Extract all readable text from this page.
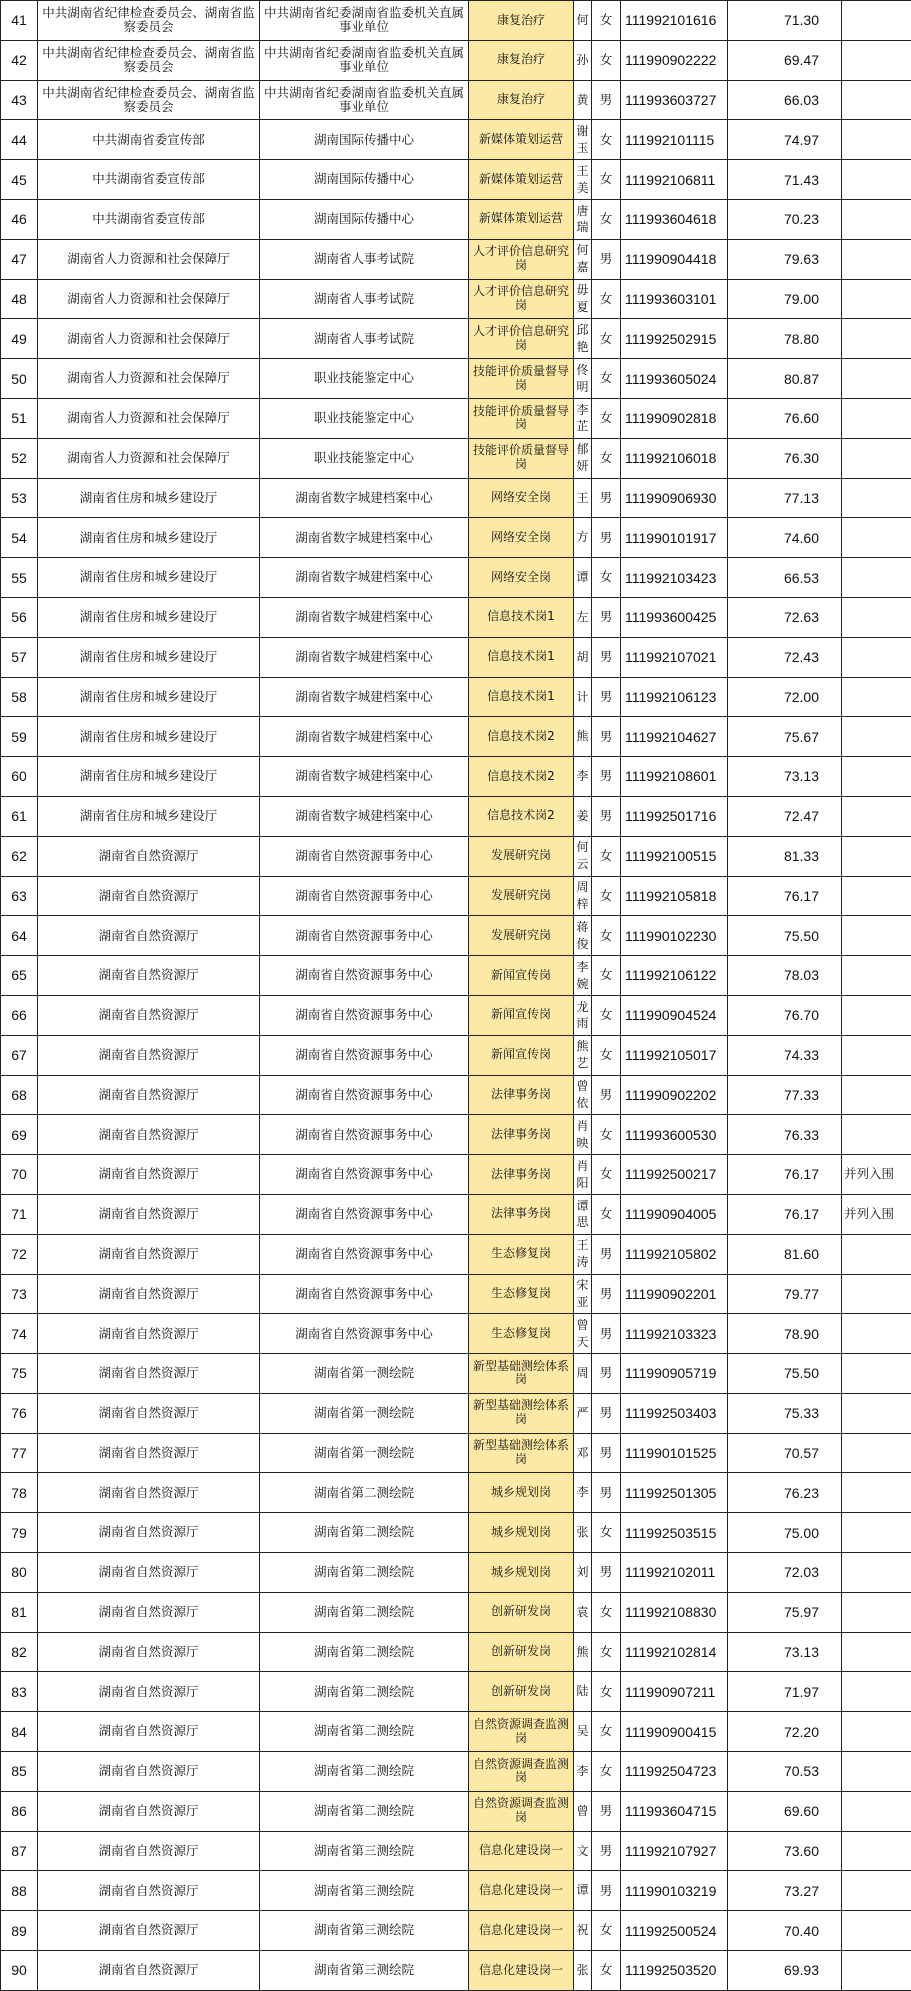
41	中共湖南省纪律检查委员会、湖南省监察委员会	中共湖南省纪委湖南省监委机关直属事业单位	康复治疗	何	女	111992101616	71.30	
42	中共湖南省纪律检查委员会、湖南省监察委员会	中共湖南省纪委湖南省监委机关直属事业单位	康复治疗	孙	女	111990902222	69.47	
43	中共湖南省纪律检查委员会、湖南省监察委员会	中共湖南省纪委湖南省监委机关直属事业单位	康复治疗	黄	男	111993603727	66.03	
44	中共湖南省委宣传部	湖南国际传播中心	新媒体策划运营	谢玉	女	111992101115	74.97	
45	中共湖南省委宣传部	湖南国际传播中心	新媒体策划运营	王美	女	111992106811	71.43	
46	中共湖南省委宣传部	湖南国际传播中心	新媒体策划运营	唐瑞	女	111993604618	70.23	
47	湖南省人力资源和社会保障厅	湖南省人事考试院	人才评价信息研究岗	何嘉	男	111990904418	79.63	
48	湖南省人力资源和社会保障厅	湖南省人事考试院	人才评价信息研究岗	毋夏	女	111993603101	79.00	
49	湖南省人力资源和社会保障厅	湖南省人事考试院	人才评价信息研究岗	邱艳	女	111992502915	78.80	
50	湖南省人力资源和社会保障厅	职业技能鉴定中心	技能评价质量督导岗	佟明	女	111993605024	80.87	
51	湖南省人力资源和社会保障厅	职业技能鉴定中心	技能评价质量督导岗	李芷	女	111990902818	76.60	
52	湖南省人力资源和社会保障厅	职业技能鉴定中心	技能评价质量督导岗	郁妍	女	111992106018	76.30	
53	湖南省住房和城乡建设厅	湖南省数字城建档案中心	网络安全岗	王	男	111990906930	77.13	
54	湖南省住房和城乡建设厅	湖南省数字城建档案中心	网络安全岗	方	男	111990101917	74.60	
55	湖南省住房和城乡建设厅	湖南省数字城建档案中心	网络安全岗	谭	女	111992103423	66.53	
56	湖南省住房和城乡建设厅	湖南省数字城建档案中心	信息技术岗1	左	男	111993600425	72.63	
57	湖南省住房和城乡建设厅	湖南省数字城建档案中心	信息技术岗1	胡	男	111992107021	72.43	
58	湖南省住房和城乡建设厅	湖南省数字城建档案中心	信息技术岗1	计	男	111992106123	72.00	
59	湖南省住房和城乡建设厅	湖南省数字城建档案中心	信息技术岗2	熊	男	111992104627	75.67	
60	湖南省住房和城乡建设厅	湖南省数字城建档案中心	信息技术岗2	李	男	111992108601	73.13	
61	湖南省住房和城乡建设厅	湖南省数字城建档案中心	信息技术岗2	姜	男	111992501716	72.47	
62	湖南省自然资源厅	湖南省自然资源事务中心	发展研究岗	何云	女	111992100515	81.33	
63	湖南省自然资源厅	湖南省自然资源事务中心	发展研究岗	周梓	女	111992105818	76.17	
64	湖南省自然资源厅	湖南省自然资源事务中心	发展研究岗	蒋俊	女	111990102230	75.50	
65	湖南省自然资源厅	湖南省自然资源事务中心	新闻宣传岗	李婉	女	111992106122	78.03	
66	湖南省自然资源厅	湖南省自然资源事务中心	新闻宣传岗	龙雨	女	111990904524	76.70	
67	湖南省自然资源厅	湖南省自然资源事务中心	新闻宣传岗	熊艺	女	111992105017	74.33	
68	湖南省自然资源厅	湖南省自然资源事务中心	法律事务岗	曾依	男	111990902202	77.33	
69	湖南省自然资源厅	湖南省自然资源事务中心	法律事务岗	肖映	女	111993600530	76.33	
70	湖南省自然资源厅	湖南省自然资源事务中心	法律事务岗	肖阳	女	111992500217	76.17	并列入围
71	湖南省自然资源厅	湖南省自然资源事务中心	法律事务岗	谭思	女	111990904005	76.17	并列入围
72	湖南省自然资源厅	湖南省自然资源事务中心	生态修复岗	王涛	男	111992105802	81.60	
73	湖南省自然资源厅	湖南省自然资源事务中心	生态修复岗	宋亚	男	111990902201	79.77	
74	湖南省自然资源厅	湖南省自然资源事务中心	生态修复岗	曾天	男	111992103323	78.90	
75	湖南省自然资源厅	湖南省第一测绘院	新型基础测绘体系岗	周	男	111990905719	75.50	
76	湖南省自然资源厅	湖南省第一测绘院	新型基础测绘体系岗	严	男	111992503403	75.33	
77	湖南省自然资源厅	湖南省第一测绘院	新型基础测绘体系岗	邓	男	111990101525	70.57	
78	湖南省自然资源厅	湖南省第二测绘院	城乡规划岗	李	男	111992501305	76.23	
79	湖南省自然资源厅	湖南省第二测绘院	城乡规划岗	张	女	111992503515	75.00	
80	湖南省自然资源厅	湖南省第二测绘院	城乡规划岗	刘	男	111992102011	72.03	
81	湖南省自然资源厅	湖南省第二测绘院	创新研发岗	袁	女	111992108830	75.97	
82	湖南省自然资源厅	湖南省第二测绘院	创新研发岗	熊	女	111992102814	73.13	
83	湖南省自然资源厅	湖南省第二测绘院	创新研发岗	陆	女	111990907211	71.97	
84	湖南省自然资源厅	湖南省第二测绘院	自然资源调查监测岗	吴	女	111990900415	72.20	
85	湖南省自然资源厅	湖南省第二测绘院	自然资源调查监测岗	李	女	111992504723	70.53	
86	湖南省自然资源厅	湖南省第二测绘院	自然资源调查监测岗	曾	男	111993604715	69.60	
87	湖南省自然资源厅	湖南省第三测绘院	信息化建设岗一	文	男	111992107927	73.60	
88	湖南省自然资源厅	湖南省第三测绘院	信息化建设岗一	谭	男	111990103219	73.27	
89	湖南省自然资源厅	湖南省第三测绘院	信息化建设岗一	祝	女	111992500524	70.40	
90	湖南省自然资源厅	湖南省第三测绘院	信息化建设岗一	张	女	111992503520	69.93	
